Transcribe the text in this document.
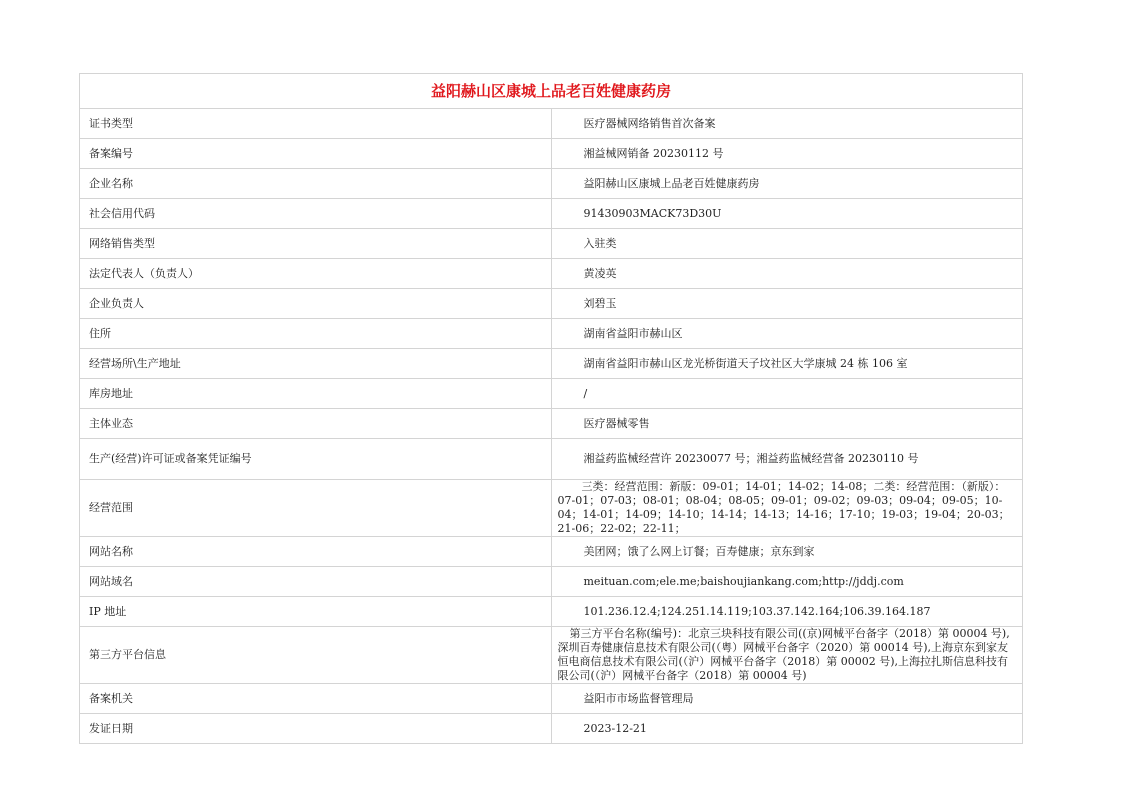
益阳赫山区康城上品老百姓健康药房	
证书类型	医疗器械网络销售首次备案
备案编号	湘益械网销备 20230112 号
企业名称	益阳赫山区康城上品老百姓健康药房
社会信用代码	91430903MACK73D30U
网络销售类型	入驻类
法定代表人（负责人）	黄凌英
企业负责人	刘碧玉
住所	湖南省益阳市赫山区
经营场所\生产地址	湖南省益阳市赫山区龙光桥街道天子坟社区大学康城 24 栋 106 室
库房地址	/
主体业态	医疗器械零售
生产(经营)许可证或备案凭证编号	湘益药监械经营许 20230077 号；湘益药监械经营备 20230110 号
经营范围	三类：经营范围：新版：09-01；14-01；14-02；14-08；二类：经营范围：（新版）：07-01；07-03；08-01；08-04；08-05；09-01；09-02；09-03；09-04；09-05；10-04；14-01；14-09；14-10；14-14；14-13；14-16；17-10；19-03；19-04；20-03；21-06；22-02；22-11；

网站名称	美团网；饿了么网上订餐；百寿健康；京东到家
网站域名	meituan.com;ele.me;baishoujiankang.com;http://jddj.com
IP 地址	101.236.12.4;124.251.14.119;103.37.142.164;106.39.164.187
第三方平台信息	第三方平台名称(编号)：北京三块科技有限公司((京)网械平台备字（2018）第 00004 号),深圳百寿健康信息技术有限公司(（粤）网械平台备字（2020）第 00014 号),上海京东到家友恒电商信息技术有限公司(（沪）网械平台备字（2018）第 00002 号),上海拉扎斯信息科技有限公司(（沪）网械平台备字（2018）第 00004 号)

备案机关	益阳市市场监督管理局
发证日期	2023-12-21
